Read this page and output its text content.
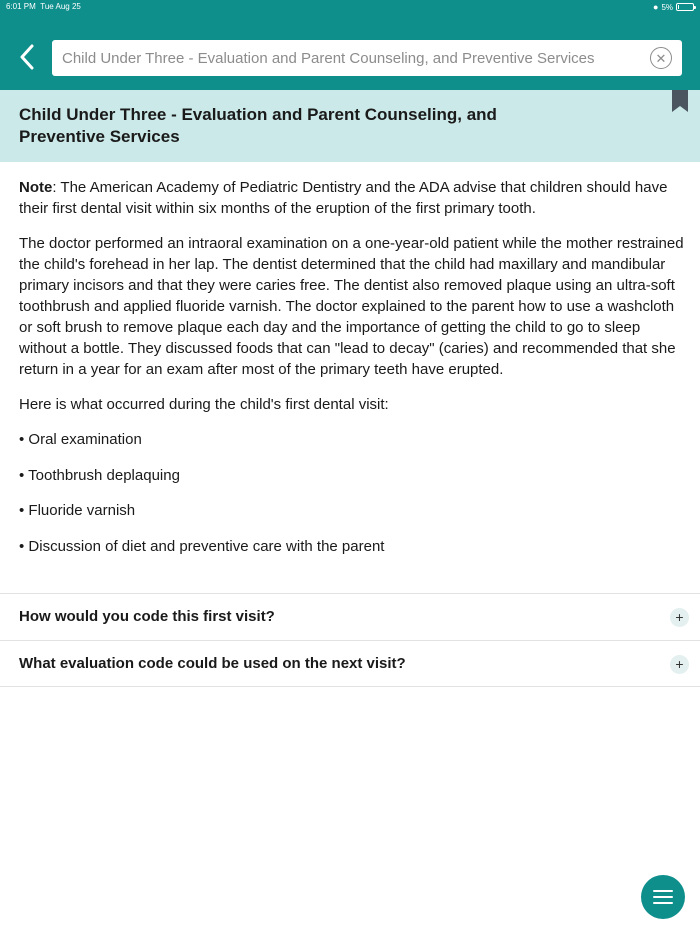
6:01 PM Tue Aug 25	● 5%
Child Under Three - Evaluation and Parent Counseling, and Preventive Services
✕
Child Under Three - Evaluation and Parent Counseling, and Preventive Services

Note: The American Academy of Pediatric Dentistry and the ADA advise that children should have their first dental visit within six months of the eruption of the first primary tooth.

The doctor performed an intraoral examination on a one-year-old patient while the mother restrained the child's forehead in her lap. The dentist determined that the child had maxillary and mandibular primary incisors and that they were caries free. The dentist also removed plaque using an ultra-soft toothbrush and applied fluoride varnish. The doctor explained to the parent how to use a washcloth or soft brush to remove plaque each day and the importance of getting the child to go to sleep without a bottle. They discussed foods that can "lead to decay" (caries) and recommended that she return in a year for an exam after most of the primary teeth have erupted.

Here is what occurred during the child's first dental visit:

• Oral examination

• Toothbrush deplaquing

• Fluoride varnish

• Discussion of diet and preventive care with the parent

How would you code this first visit?	+
What evaluation code could be used on the next visit?	+
